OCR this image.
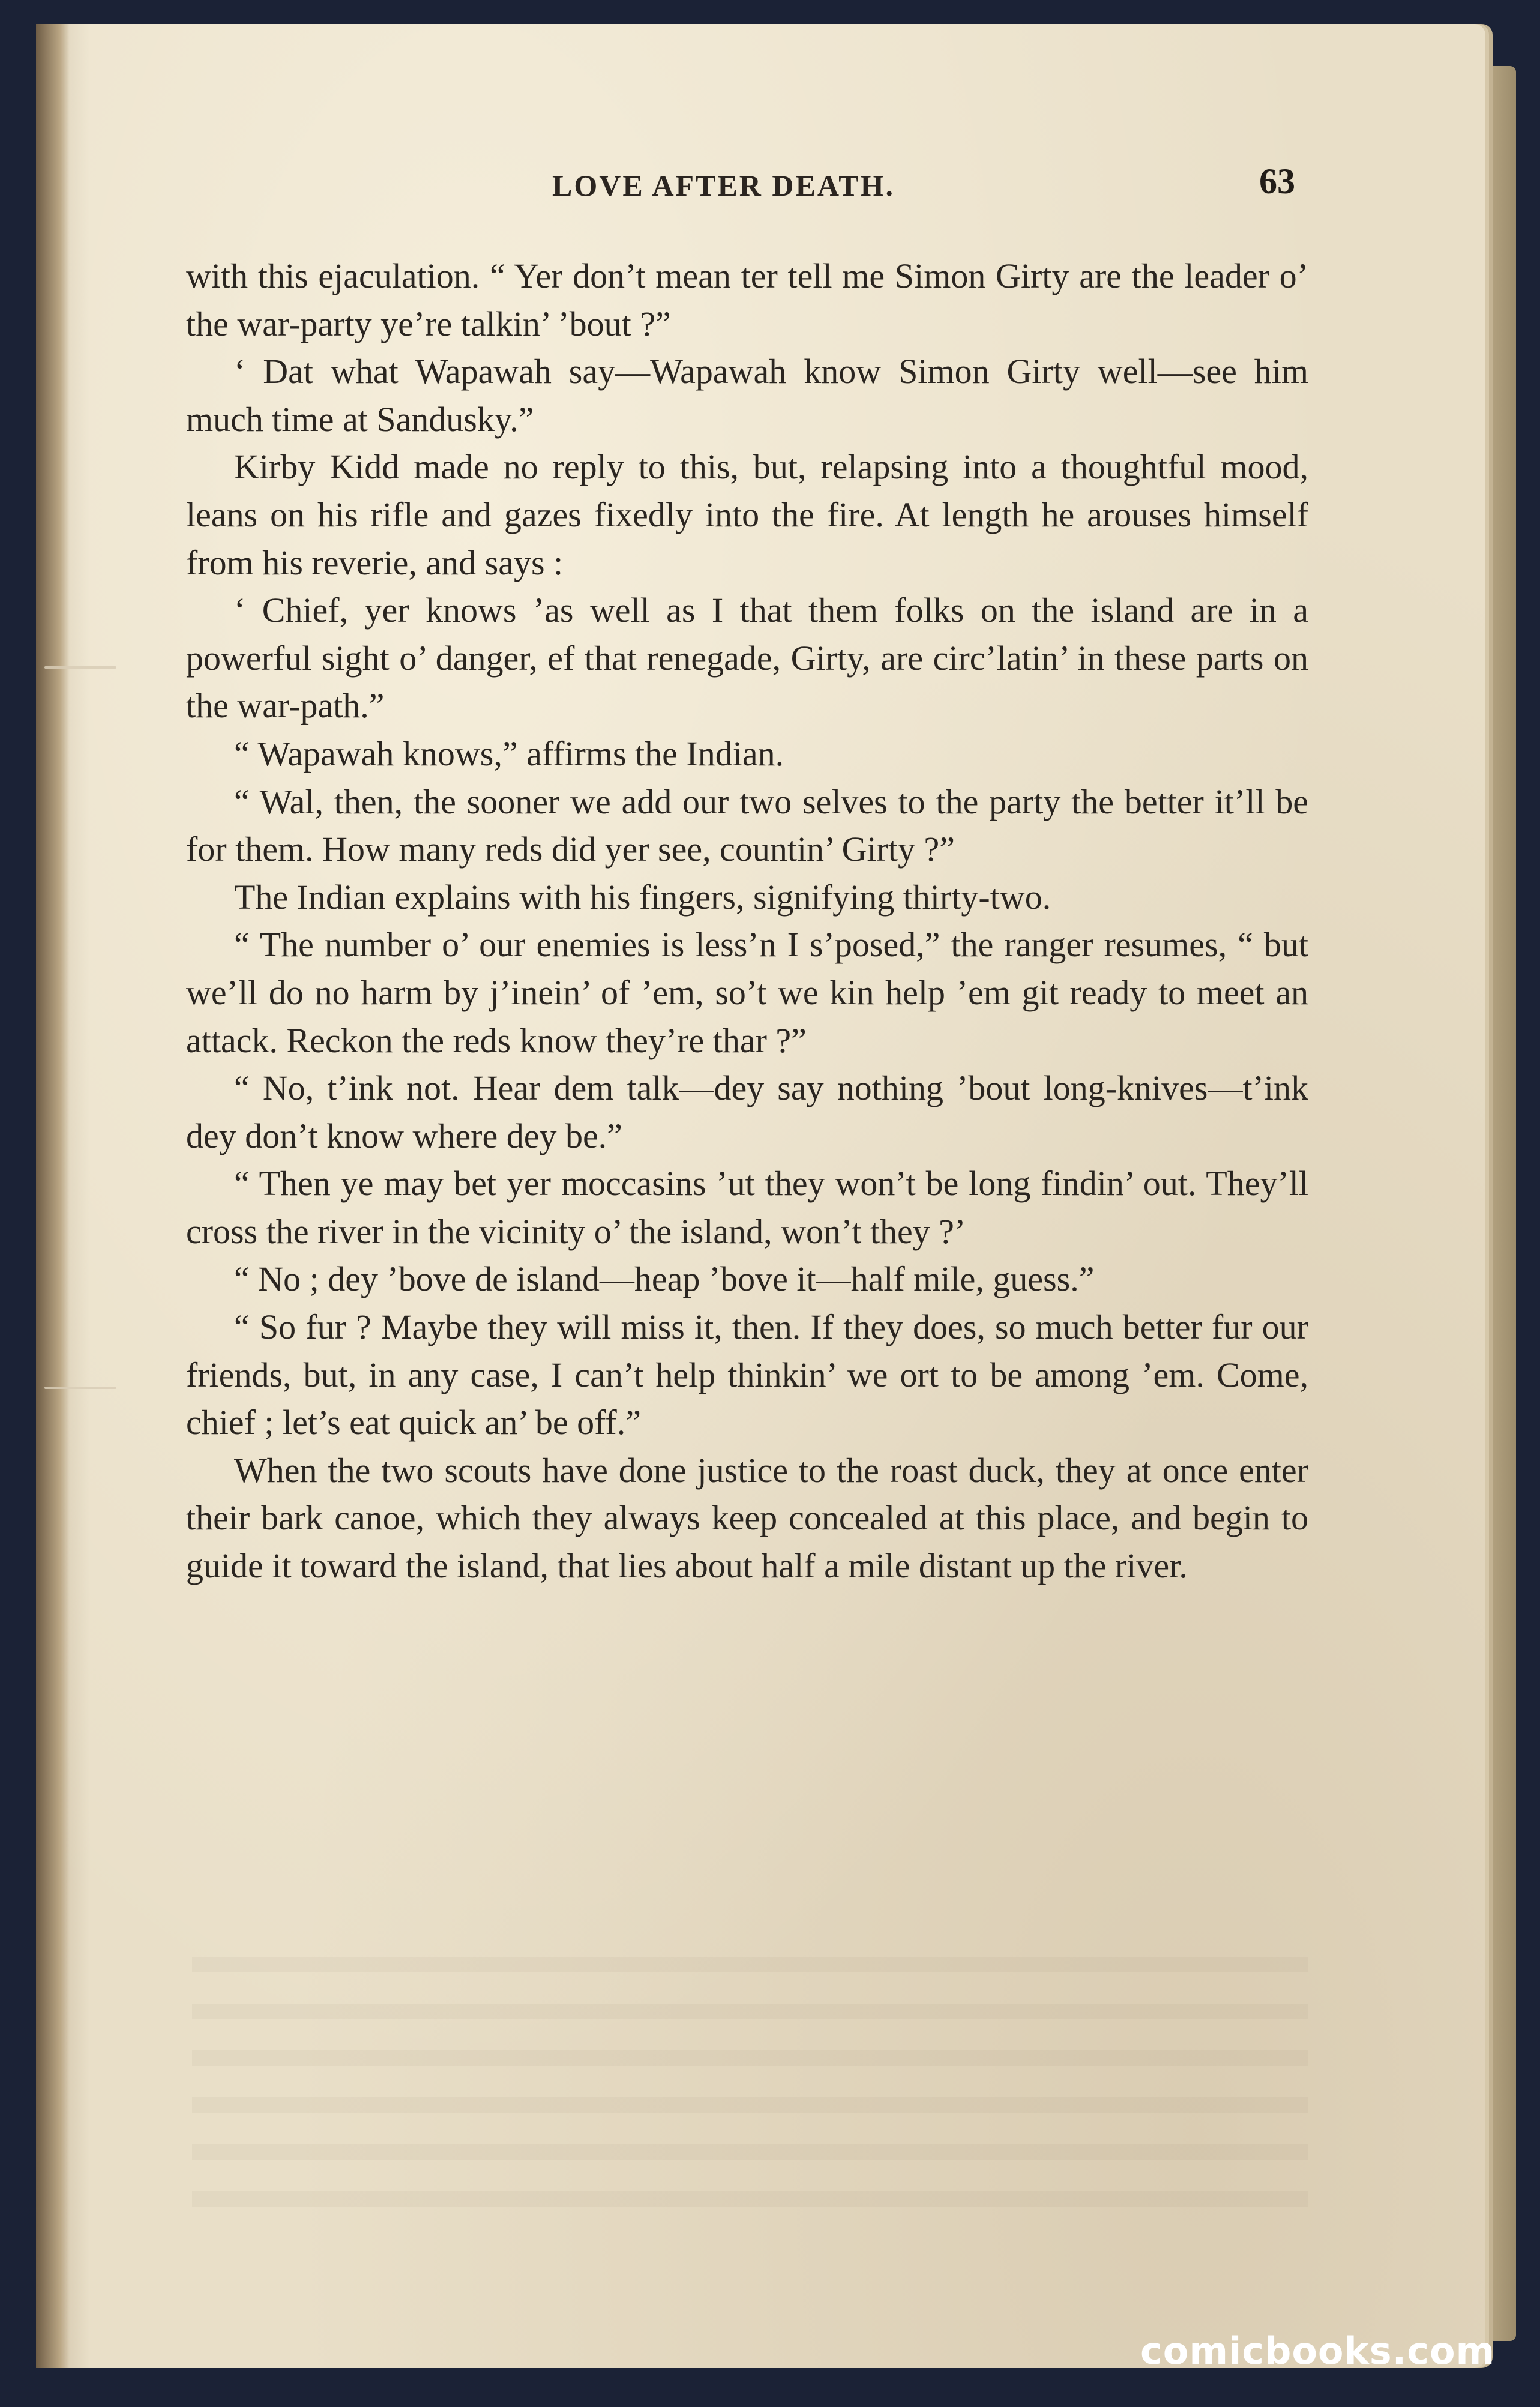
LOVE AFTER DEATH.	63

with this ejaculation. “ Yer don’t mean ter tell me Simon Girty are the leader o’ the war-party ye’re talkin’ ’bout ?”

‘ Dat what Wapawah say—Wapawah know Simon Girty well—see him much time at Sandusky.”

Kirby Kidd made no reply to this, but, relapsing into a thoughtful mood, leans on his rifle and gazes fixedly into the fire. At length he arouses himself from his reverie, and says :

‘ Chief, yer knows ’as well as I that them folks on the island are in a powerful sight o’ danger, ef that renegade, Girty, are circ’latin’ in these parts on the war-path.”

“ Wapawah knows,” affirms the Indian.

“ Wal, then, the sooner we add our two selves to the party the better it’ll be for them. How many reds did yer see, countin’ Girty ?”

The Indian explains with his fingers, signifying thirty-two.

“ The number o’ our enemies is less’n I s’posed,” the ranger resumes, “ but we’ll do no harm by j’inein’ of ’em, so’t we kin help ’em git ready to meet an attack. Reckon the reds know they’re thar ?”

“ No, t’ink not. Hear dem talk—dey say nothing ’bout long-knives—t’ink dey don’t know where dey be.”

“ Then ye may bet yer moccasins ’ut they won’t be long findin’ out. They’ll cross the river in the vicinity o’ the island, won’t they ?’

“ No ; dey ’bove de island—heap ’bove it—half mile, guess.”

“ So fur ? Maybe they will miss it, then. If they does, so much better fur our friends, but, in any case, I can’t help thinkin’ we ort to be among ’em. Come, chief ; let’s eat quick an’ be off.”

When the two scouts have done justice to the roast duck, they at once enter their bark canoe, which they always keep concealed at this place, and begin to guide it toward the island, that lies about half a mile distant up the river.

comicbooks.com
